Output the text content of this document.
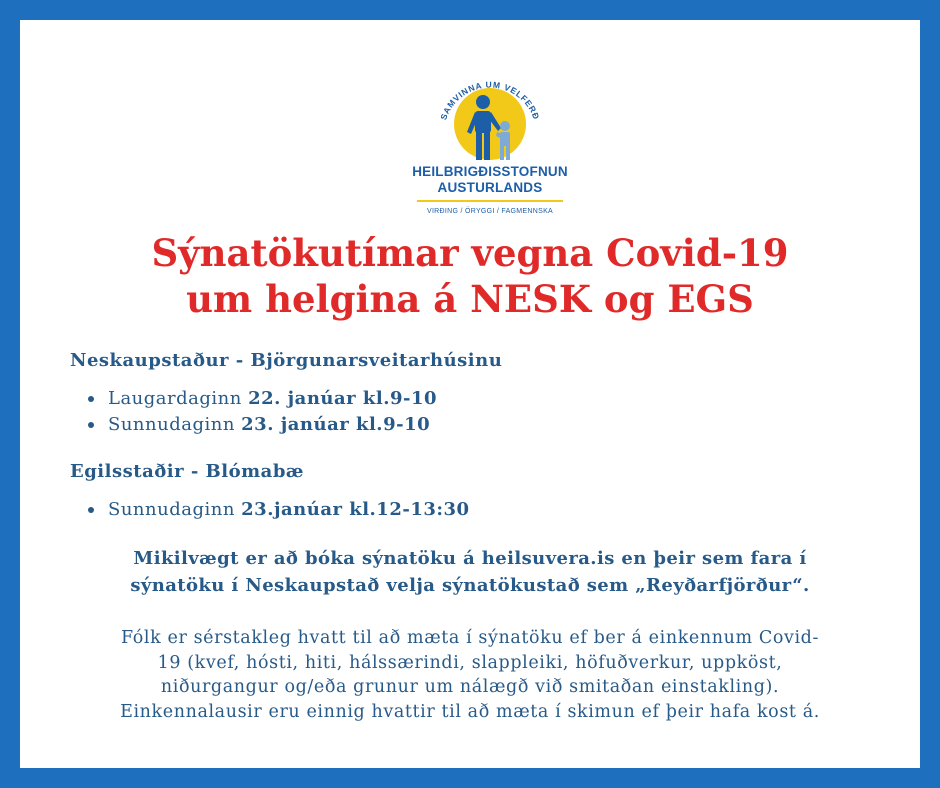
SAMVINNA UM VELFERÐ
HEILBRIGÐISSTOFNUN
AUSTURLANDS
VIRÐING / ÖRYGGI / FAGMENNSKA
Sýnatökutímar vegna Covid-19
um helgina á NESK og EGS
Neskaupstaður - Björgunarsveitarhúsinu
Laugardaginn 22. janúar kl.9-10
Sunnudaginn 23. janúar kl.9-10
Egilsstaðir - Blómabæ
Sunnudaginn 23.janúar kl.12-13:30
Mikilvægt er að bóka sýnatöku á heilsuvera.is en þeir sem fara í
sýnatöku í Neskaupstað velja sýnatökustað sem „Reyðarfjörður“.
Fólk er sérstakleg hvatt til að mæta í sýnatöku ef ber á einkennum Covid-
19 (kvef, hósti, hiti, hálssærindi, slappleiki, höfuðverkur, uppköst,
niðurgangur og/eða grunur um nálægð við smitaðan einstakling).
Einkennalausir eru einnig hvattir til að mæta í skimun ef þeir hafa kost á.
